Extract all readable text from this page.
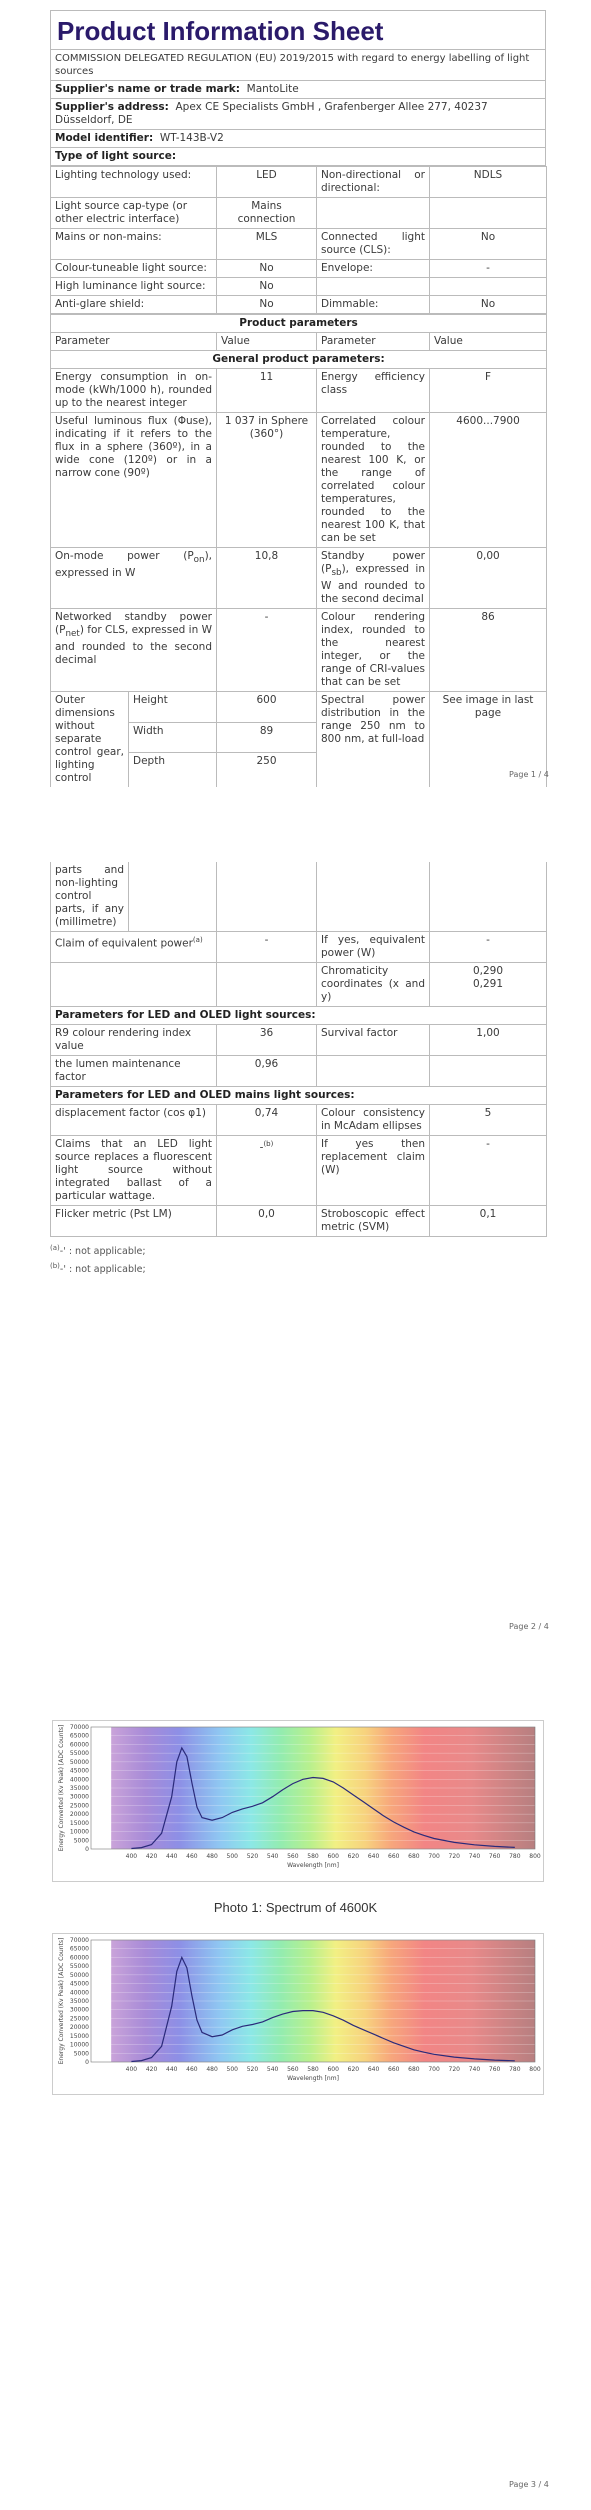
Product Information Sheet
COMMISSION DELEGATED REGULATION (EU) 2019/2015 with regard to energy labelling of light sources
Supplier's name or trade mark: MantoLite
Supplier's address: Apex CE Specialists GmbH , Grafenberger Allee 277, 40237 Düsseldorf, DE
Model identifier: WT-143B-V2
Type of light source:
Lighting technology used:	LED	Non-directional or directional:	NDLS
Light source cap-type (or other electric interface)	Mains connection		
Mains or non-mains:	MLS	Connected light source (CLS):	No
Colour-tuneable light source:	No	Envelope:	-
High luminance light source:	No		
Anti-glare shield:	No	Dimmable:	No
Product parameters				
Parameter		Value	Parameter	Value
General product parameters:				
Energy consumption in on-mode (kWh/1000 h), rounded up to the nearest integer		11	Energy efficiency class	F
Useful luminous flux (Φuse), indicating if it refers to the flux in a sphere (360º), in a wide cone (120º) or in a narrow cone (90º)		1 037 in Sphere (360°)	Correlated colour temperature, rounded to the nearest 100 K, or the range of correlated colour temperatures, rounded to the nearest 100 K, that can be set	4600...7900
On-mode power $(P_{on})$, expressed in W		10,8	Standby power $(P_{sb})$, expressed in W and rounded to the second decimal	0,00
Networked standby power $(P_{net})$ for CLS, expressed in W and rounded to the second decimal		-	Colour rendering index, rounded to the nearest integer, or the range of CRI-values that can be set	86
Outer dimensions without separate control gear, lighting control	Height	600	Spectral power distribution in the range 250 nm to 800 nm, at full-load	See image in last page
	Width	89		
	Depth	250		
Page 1 / 4
parts and non-lighting control parts, if any (millimetre)				
Claim of equivalent power$^{(a)}$		-	If yes, equivalent power (W)	-
			Chromaticity coordinates (x and y)	0,290
0,291
Parameters for LED and OLED light sources:				
R9 colour rendering index value		36	Survival factor	1,00
the lumen maintenance factor		0,96		
Parameters for LED and OLED mains light sources:				
displacement factor (cos φ1)		0,74	Colour consistency in McAdam ellipses	5
Claims that an LED light source replaces a fluorescent light source without integrated ballast of a particular wattage.		-$^{(b)}$	If yes then replacement claim (W)	-
Flicker metric (Pst LM)		0,0	Stroboscopic effect metric (SVM)	0,1
$^{(a)}$-' : not applicable;
$^{(b)}$-' : not applicable;
Page 2 / 4
0
5000
10000
15000
20000
25000
30000
35000
40000
45000
50000
55000
60000
65000
70000
400 420 440 460 480 500 520 540 560 580 600 620 640 660 680 700 720 740 760 780 800
Wavelength [nm]
Energy Converted (Kv Peak) [ADC Counts]
Photo 1: Spectrum of 4600K
0
5000
10000
15000
20000
25000
30000
35000
40000
45000
50000
55000
60000
65000
70000
400 420 440 460 480 500 520 540 560 580 600 620 640 660 680 700 720 740 760 780 800
Wavelength [nm]
Energy Converted (Kv Peak) [ADC Counts]
Page 3 / 4
